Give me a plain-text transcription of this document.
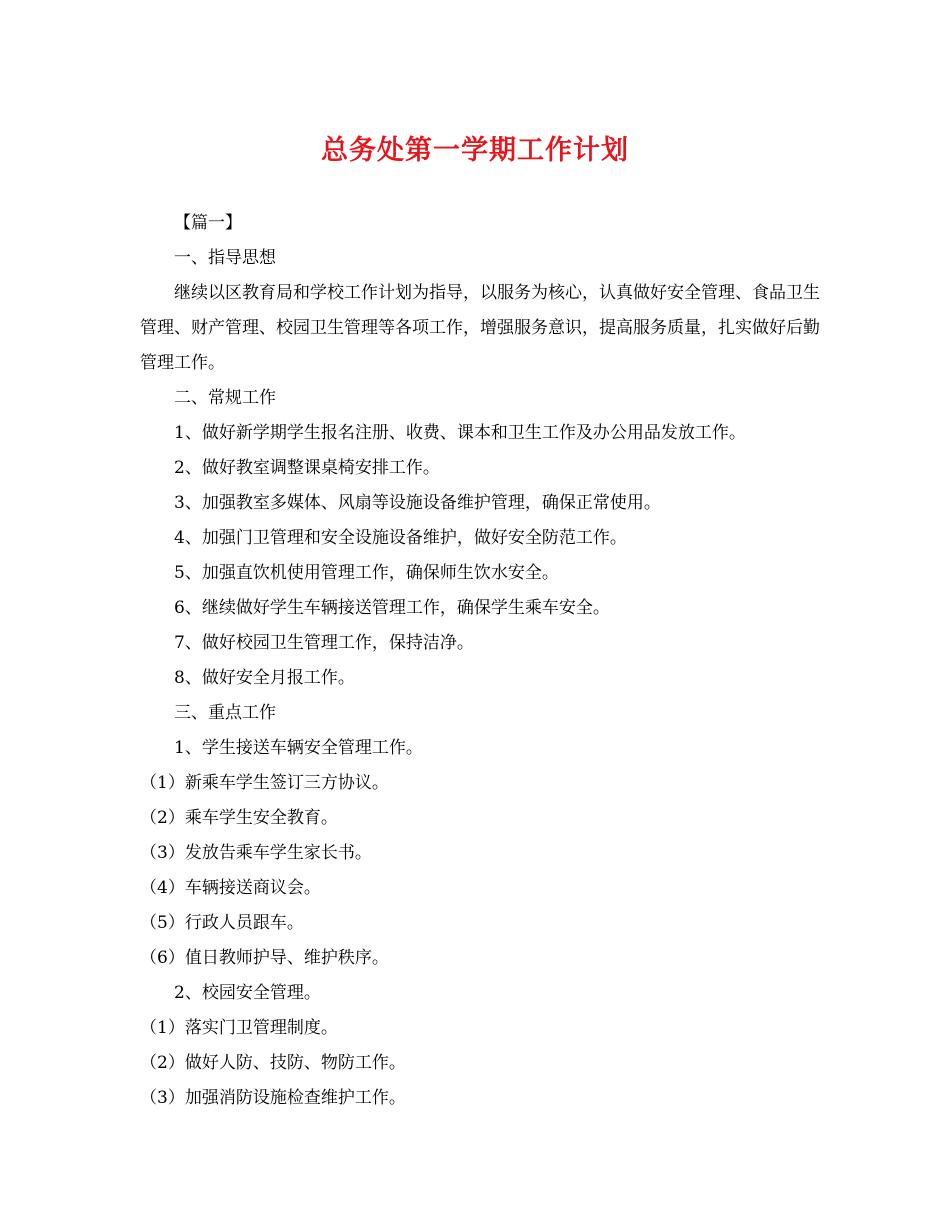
总务处第一学期工作计划

【篇一】

一、指导思想

继续以区教育局和学校工作计划为指导，以服务为核心，认真做好安全管理、食品卫生管理、财产管理、校园卫生管理等各项工作，增强服务意识，提高服务质量，扎实做好后勤管理工作。

二、常规工作

1、做好新学期学生报名注册、收费、课本和卫生工作及办公用品发放工作。

2、做好教室调整课桌椅安排工作。

3、加强教室多媒体、风扇等设施设备维护管理，确保正常使用。

4、加强门卫管理和安全设施设备维护，做好安全防范工作。

5、加强直饮机使用管理工作，确保师生饮水安全。

6、继续做好学生车辆接送管理工作，确保学生乘车安全。

7、做好校园卫生管理工作，保持洁净。

8、做好安全月报工作。

三、重点工作

1、学生接送车辆安全管理工作。

（1）新乘车学生签订三方协议。

（2）乘车学生安全教育。

（3）发放告乘车学生家长书。

（4）车辆接送商议会。

（5）行政人员跟车。

（6）值日教师护导、维护秩序。

2、校园安全管理。

（1）落实门卫管理制度。

（2）做好人防、技防、物防工作。

（3）加强消防设施检查维护工作。
